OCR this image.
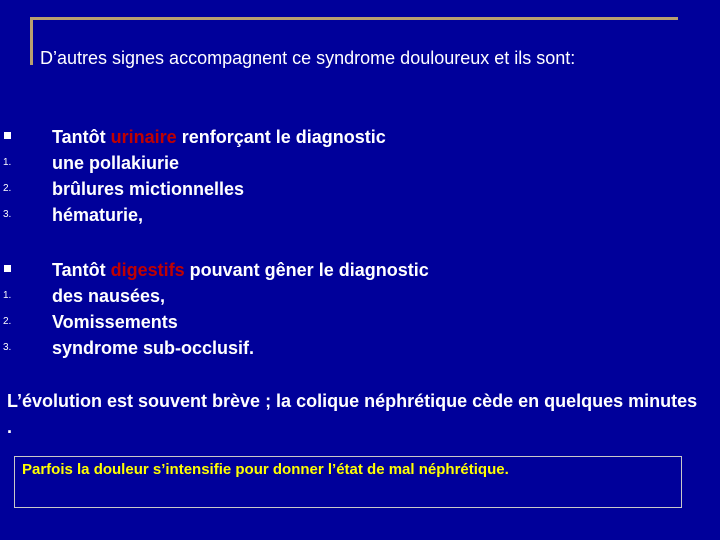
D’autres signes accompagnent ce syndrome douloureux et ils sont:
Tantôt urinaire renforçant le diagnostic
1. une pollakiurie
2. brûlures mictionnelles
3. hématurie,
Tantôt digestifs pouvant gêner le diagnostic
1. des nausées,
2. Vomissements
3. syndrome sub-occlusif.
L’évolution est souvent brève ; la colique néphrétique cède en quelques minutes .
Parfois la douleur s’intensifie pour donner l’état de mal néphrétique.
